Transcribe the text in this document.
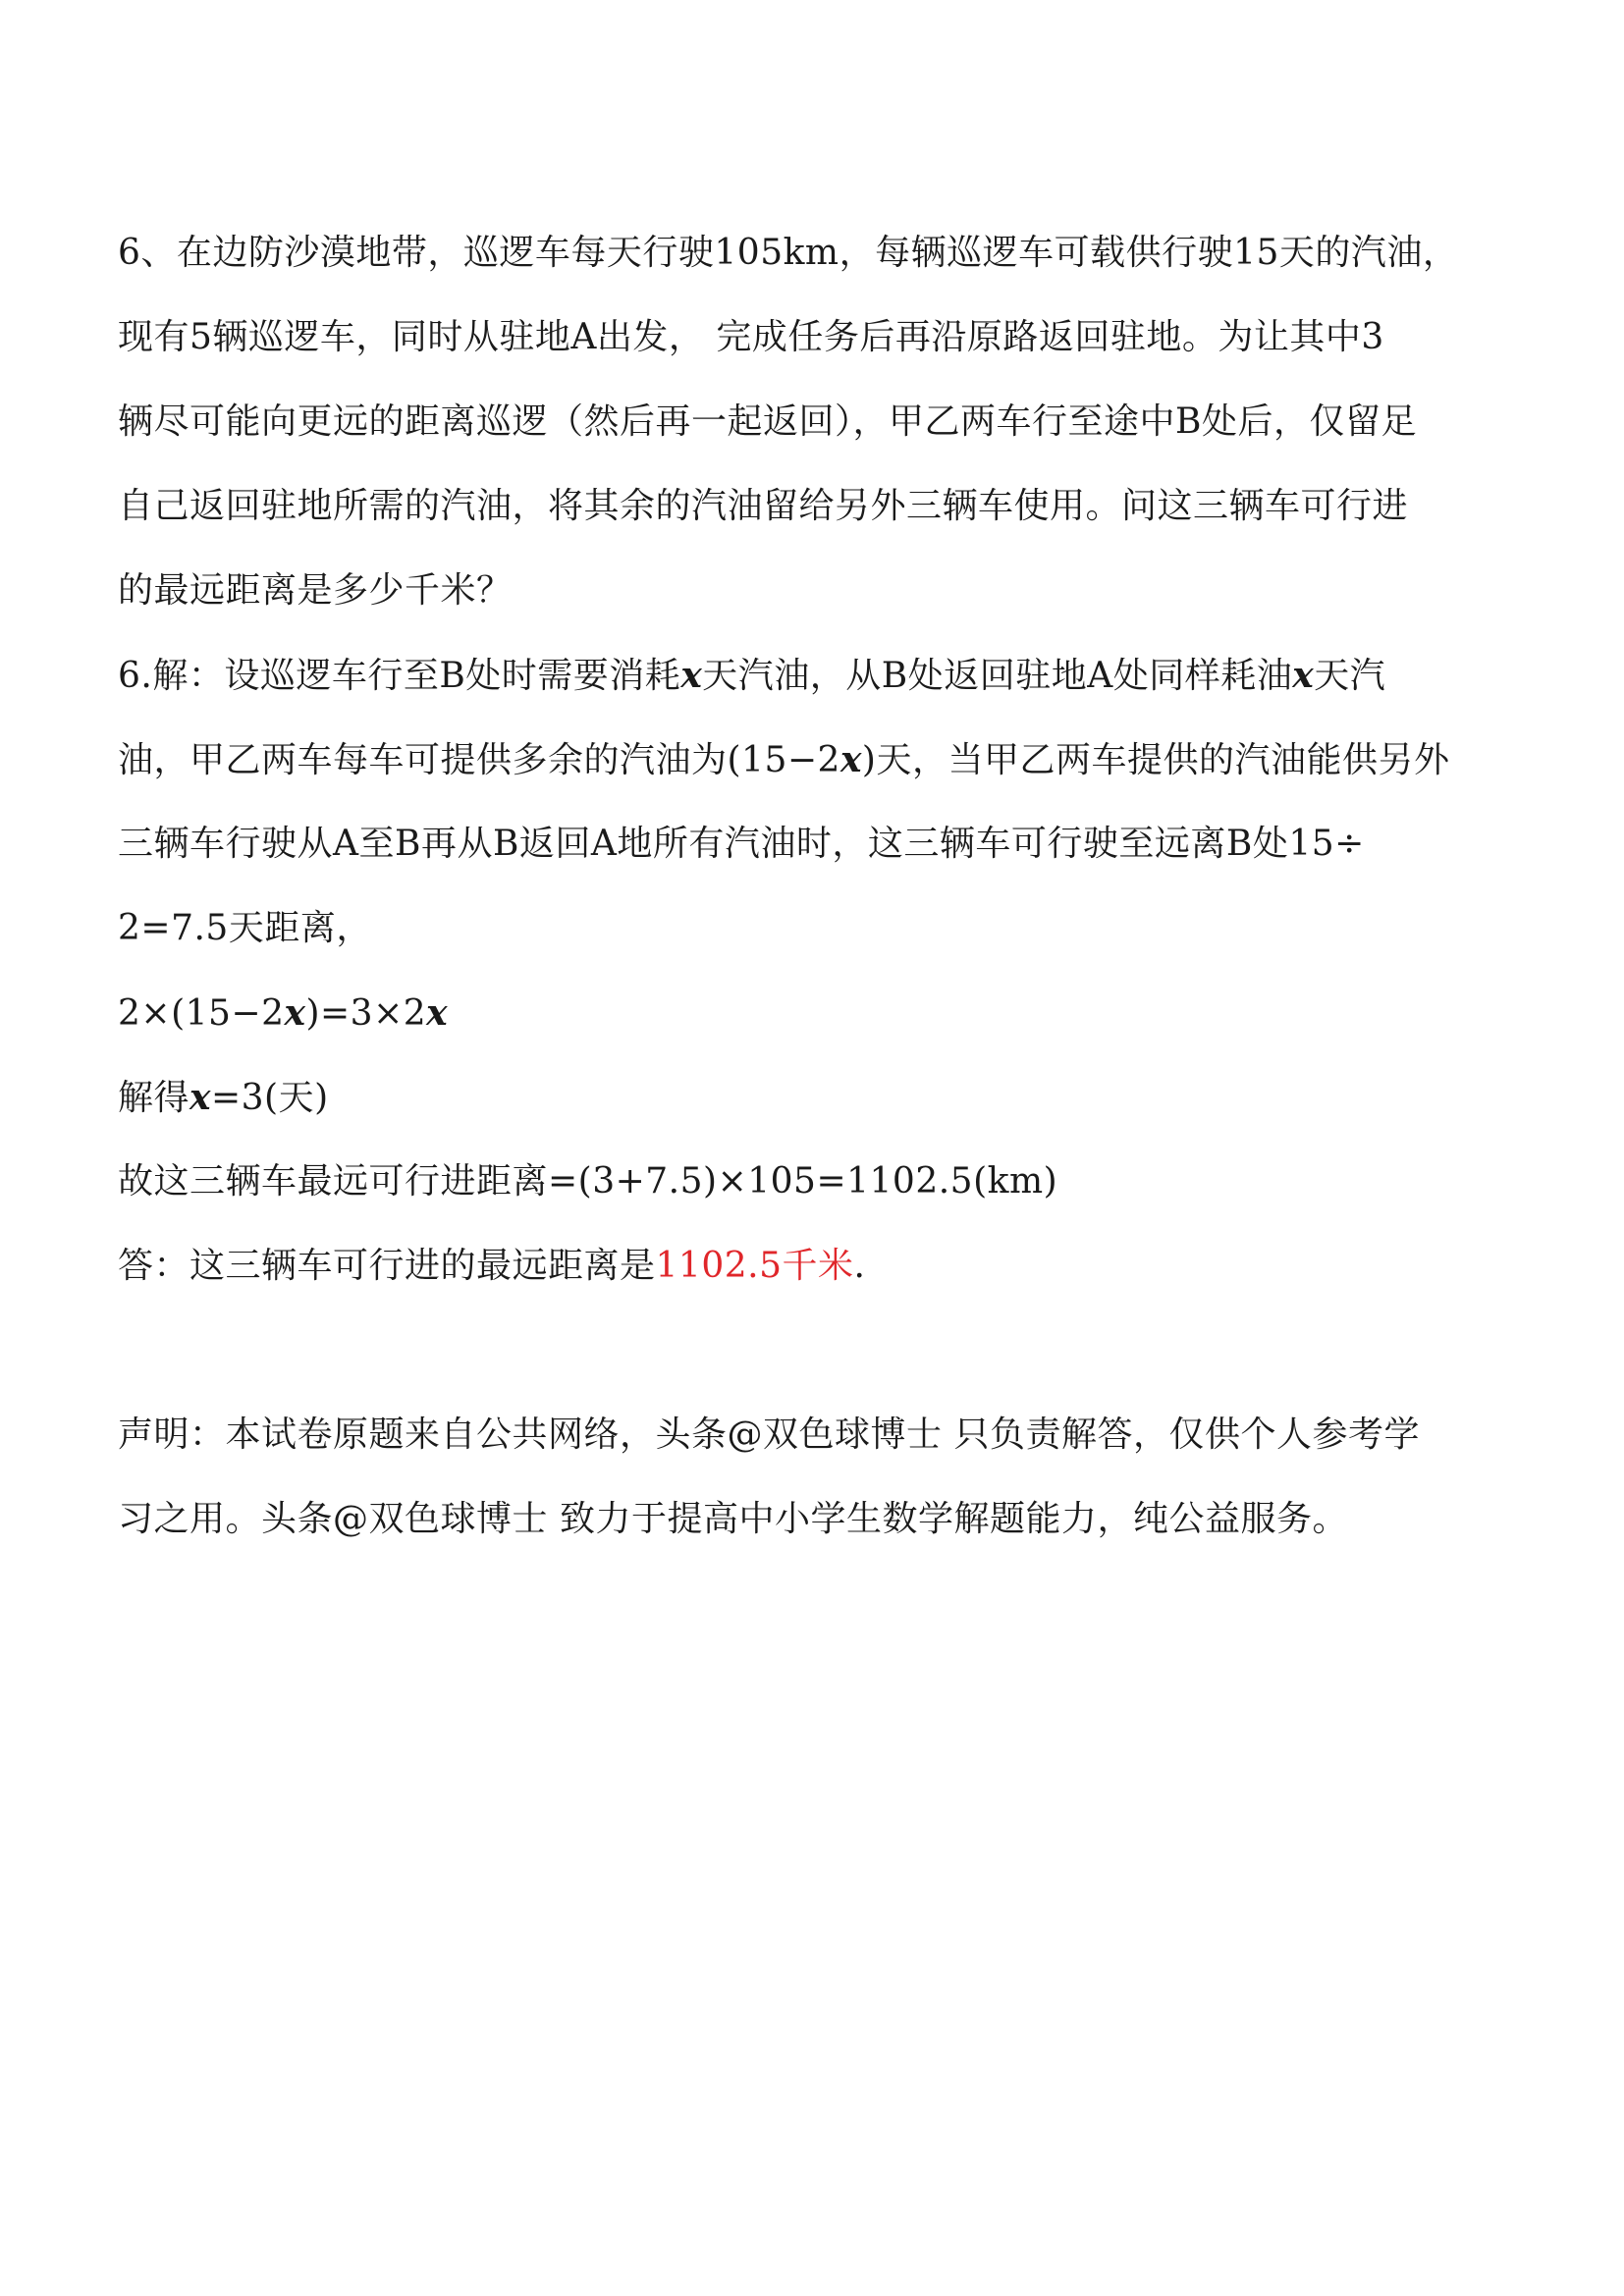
6、在边防沙漠地带，巡逻车每天行驶105km，每辆巡逻车可载供行驶15天的汽油，
现有5辆巡逻车，同时从驻地A出发， 完成任务后再沿原路返回驻地。为让其中3
辆尽可能向更远的距离巡逻（然后再一起返回），甲乙两车行至途中B处后，仅留足
自己返回驻地所需的汽油，将其余的汽油留给另外三辆车使用。问这三辆车可行进
的最远距离是多少千米？
6.解：设巡逻车行至B处时需要消耗x天汽油，从B处返回驻地A处同样耗油x天汽
油，甲乙两车每车可提供多余的汽油为(15−2x)天，当甲乙两车提供的汽油能供另外
三辆车行驶从A至B再从B返回A地所有汽油时，这三辆车可行驶至远离B处15÷
2=7.5天距离，
2×(15−2x)=3×2x
解得x=3(天)
故这三辆车最远可行进距离=(3+7.5)×105=1102.5(km)
答：这三辆车可行进的最远距离是1102.5千米.
声明：本试卷原题来自公共网络，头条@双色球博士 只负责解答，仅供个人参考学
习之用。头条@双色球博士 致力于提高中小学生数学解题能力，纯公益服务。
